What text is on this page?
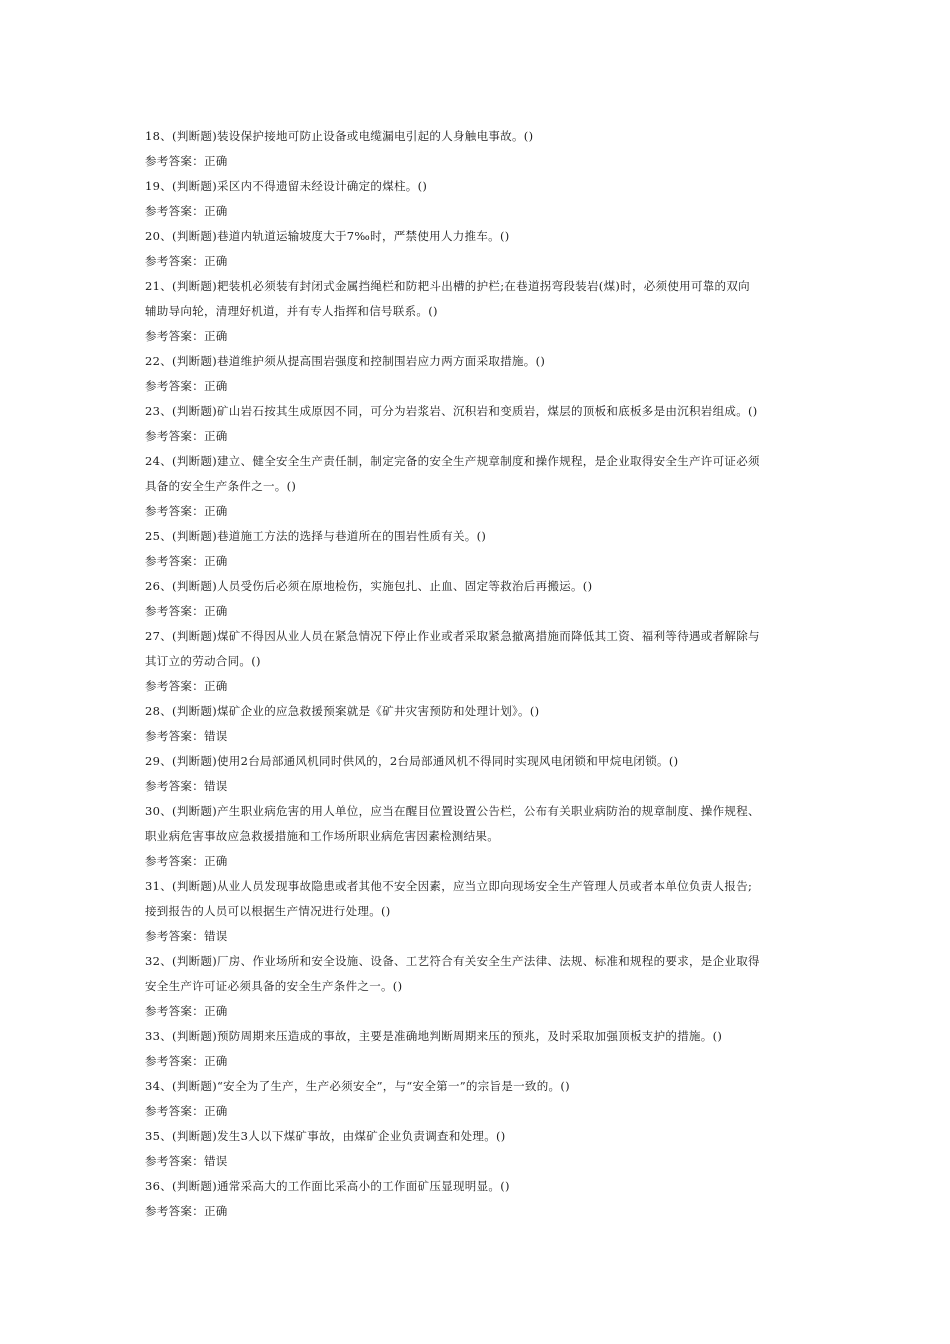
18、(判断题)装设保护接地可防止设备或电缆漏电引起的人身触电事故。()
参考答案：正确
19、(判断题)采区内不得遗留未经设计确定的煤柱。()
参考答案：正确
20、(判断题)巷道内轨道运输坡度大于7‰时，严禁使用人力推车。()
参考答案：正确
21、(判断题)耙装机必须装有封闭式金属挡绳栏和防耙斗出槽的护栏;在巷道拐弯段装岩(煤)时，必须使用可靠的双向
辅助导向轮，清理好机道，并有专人指挥和信号联系。()
参考答案：正确
22、(判断题)巷道维护须从提高围岩强度和控制围岩应力两方面采取措施。()
参考答案：正确
23、(判断题)矿山岩石按其生成原因不同，可分为岩浆岩、沉积岩和变质岩，煤层的顶板和底板多是由沉积岩组成。()
参考答案：正确
24、(判断题)建立、健全安全生产责任制，制定完备的安全生产规章制度和操作规程，是企业取得安全生产许可证必须
具备的安全生产条件之一。()
参考答案：正确
25、(判断题)巷道施工方法的选择与巷道所在的围岩性质有关。()
参考答案：正确
26、(判断题)人员受伤后必须在原地检伤，实施包扎、止血、固定等救治后再搬运。()
参考答案：正确
27、(判断题)煤矿不得因从业人员在紧急情况下停止作业或者采取紧急撤离措施而降低其工资、福利等待遇或者解除与
其订立的劳动合同。()
参考答案：正确
28、(判断题)煤矿企业的应急救援预案就是《矿井灾害预防和处理计划》。()
参考答案：错误
29、(判断题)使用2台局部通风机同时供风的，2台局部通风机不得同时实现风电闭锁和甲烷电闭锁。()
参考答案：错误
30、(判断题)产生职业病危害的用人单位，应当在醒目位置设置公告栏，公布有关职业病防治的规章制度、操作规程、
职业病危害事故应急救援措施和工作场所职业病危害因素检测结果。
参考答案：正确
31、(判断题)从业人员发现事故隐患或者其他不安全因素，应当立即向现场安全生产管理人员或者本单位负责人报告;
接到报告的人员可以根据生产情况进行处理。()
参考答案：错误
32、(判断题)厂房、作业场所和安全设施、设备、工艺符合有关安全生产法律、法规、标准和规程的要求，是企业取得
安全生产许可证必须具备的安全生产条件之一。()
参考答案：正确
33、(判断题)预防周期来压造成的事故，主要是准确地判断周期来压的预兆，及时采取加强顶板支护的措施。()
参考答案：正确
34、(判断题)“安全为了生产，生产必须安全”，与“安全第一”的宗旨是一致的。()
参考答案：正确
35、(判断题)发生3人以下煤矿事故，由煤矿企业负责调查和处理。()
参考答案：错误
36、(判断题)通常采高大的工作面比采高小的工作面矿压显现明显。()
参考答案：正确
